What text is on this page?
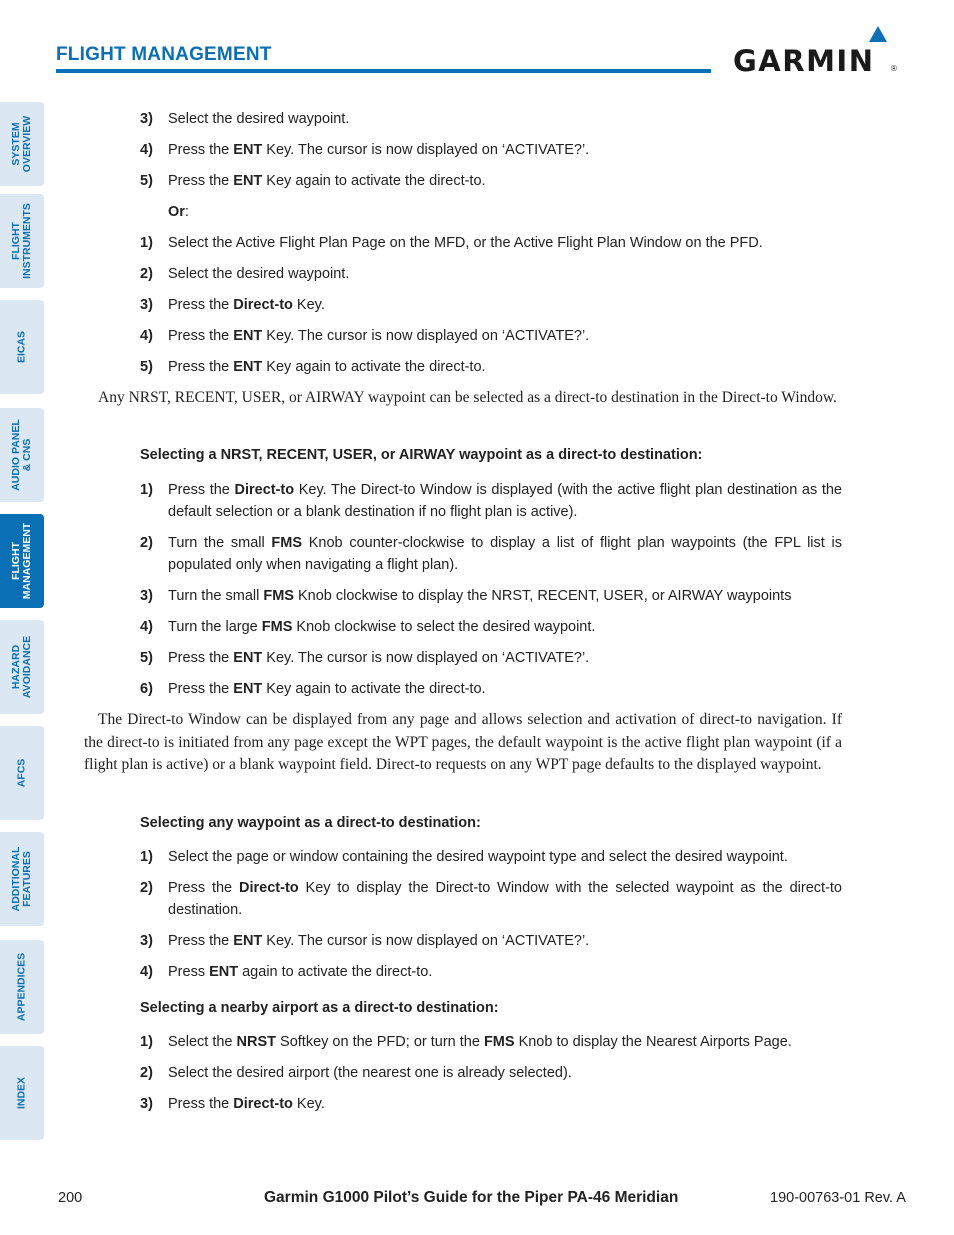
FLIGHT MANAGEMENT	GARMIN ®
SYSTEM
OVERVIEW
FLIGHT
INSTRUMENTS
EICAS
AUDIO PANEL
& CNS
FLIGHT
MANAGEMENT
HAZARD
AVOIDANCE
AFCS
ADDITIONAL
FEATURES
APPENDICES
INDEX
3) Select the desired waypoint.
4) Press the ENT Key. The cursor is now displayed on ‘ACTIVATE?’.
5) Press the ENT Key again to activate the direct-to.
Or:
1) Select the Active Flight Plan Page on the MFD, or the Active Flight Plan Window on the PFD.
2) Select the desired waypoint.
3) Press the Direct-to Key.
4) Press the ENT Key. The cursor is now displayed on ‘ACTIVATE?’.
5) Press the ENT Key again to activate the direct-to.
Any NRST, RECENT, USER, or AIRWAY waypoint can be selected as a direct-to destination in the Direct-to Window.
Selecting a NRST, RECENT, USER, or AIRWAY waypoint as a direct-to destination:
1) Press the Direct-to Key. The Direct-to Window is displayed (with the active flight plan destination as the default selection or a blank destination if no flight plan is active).
2) Turn the small FMS Knob counter-clockwise to display a list of flight plan waypoints (the FPL list is populated only when navigating a flight plan).
3) Turn the small FMS Knob clockwise to display the NRST, RECENT, USER, or AIRWAY waypoints
4) Turn the large FMS Knob clockwise to select the desired waypoint.
5) Press the ENT Key. The cursor is now displayed on ‘ACTIVATE?’.
6) Press the ENT Key again to activate the direct-to.
The Direct-to Window can be displayed from any page and allows selection and activation of direct-to navigation. If the direct-to is initiated from any page except the WPT pages, the default waypoint is the active flight plan waypoint (if a flight plan is active) or a blank waypoint field. Direct-to requests on any WPT page defaults to the displayed waypoint.
Selecting any waypoint as a direct-to destination:
1) Select the page or window containing the desired waypoint type and select the desired waypoint.
2) Press the Direct-to Key to display the Direct-to Window with the selected waypoint as the direct-to destination.
3) Press the ENT Key. The cursor is now displayed on ‘ACTIVATE?’.
4) Press ENT again to activate the direct-to.
Selecting a nearby airport as a direct-to destination:
1) Select the NRST Softkey on the PFD; or turn the FMS Knob to display the Nearest Airports Page.
2) Select the desired airport (the nearest one is already selected).
3) Press the Direct-to Key.
200	Garmin G1000 Pilot’s Guide for the Piper PA-46 Meridian	190-00763-01 Rev. A
